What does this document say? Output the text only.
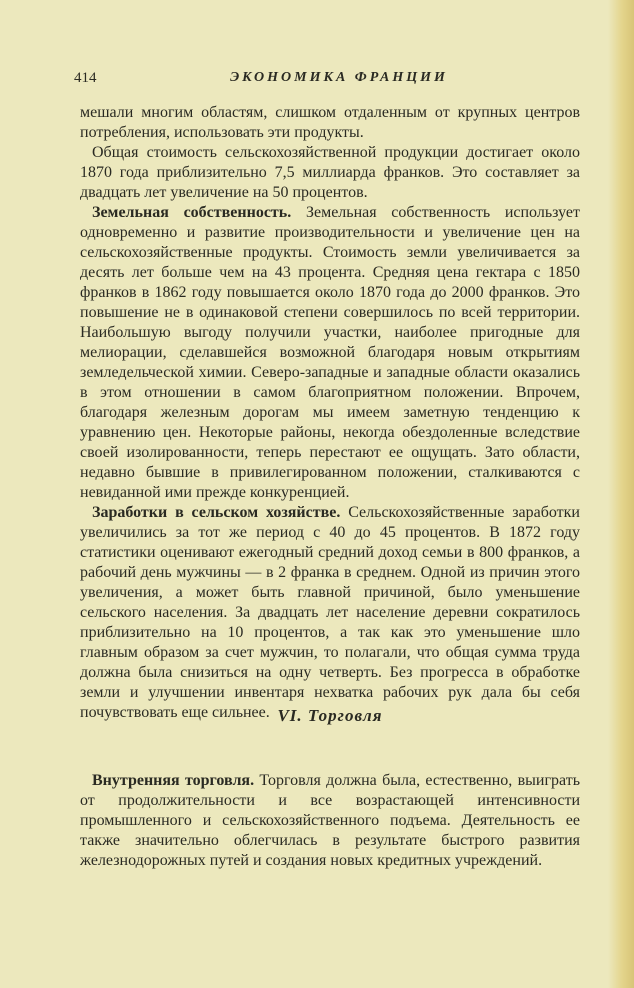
414	ЭКОНОМИКА ФРАНЦИИ

мешали многим областям, слишком отдаленным от крупных центров потребления, использовать эти продукты.

Общая стоимость сельскохозяйственной продукции достигает около 1870 года приблизительно 7,5 миллиарда франков. Это составляет за двадцать лет увеличение на 50 процентов.

Земельная собственность. Земельная собственность использует одновременно и развитие производительности и увеличение цен на сельскохозяйственные продукты. Стоимость земли увеличивается за десять лет больше чем на 43 процента. Средняя цена гектара с 1850 франков в 1862 году повышается около 1870 года до 2000 франков. Это повышение не в одинаковой степени совершилось по всей территории. Наибольшую выгоду получили участки, наиболее пригодные для мелиорации, сделавшейся возможной благодаря новым открытиям земледельческой химии. Северо-западные и западные области оказались в этом отношении в самом благоприятном положении. Впрочем, благодаря железным дорогам мы имеем заметную тенденцию к уравнению цен. Некоторые районы, некогда обездоленные вследствие своей изолированности, теперь перестают ее ощущать. Зато области, недавно бывшие в привилегированном положении, сталкиваются с невиданной ими прежде конкуренцией.

Заработки в сельском хозяйстве. Сельскохозяйственные заработки увеличились за тот же период с 40 до 45 процентов. В 1872 году статистики оценивают ежегодный средний доход семьи в 800 франков, а рабочий день мужчины — в 2 франка в среднем. Одной из причин этого увеличения, а может быть главной причиной, было уменьшение сельского населения. За двадцать лет население деревни сократилось приблизительно на 10 процентов, а так как это уменьшение шло главным образом за счет мужчин, то полагали, что общая сумма труда должна была снизиться на одну четверть. Без прогресса в обработке земли и улучшении инвентаря нехватка рабочих рук дала бы себя почувствовать еще сильнее. VI. Торговля

Внутренняя торговля. Торговля должна была, естественно, выиграть от продолжительности и все возрастающей интенсивности промышленного и сельскохозяйственного подъема. Деятельность ее также значительно облегчилась в результате быстрого развития железнодорожных путей и создания новых кредитных учреждений.
